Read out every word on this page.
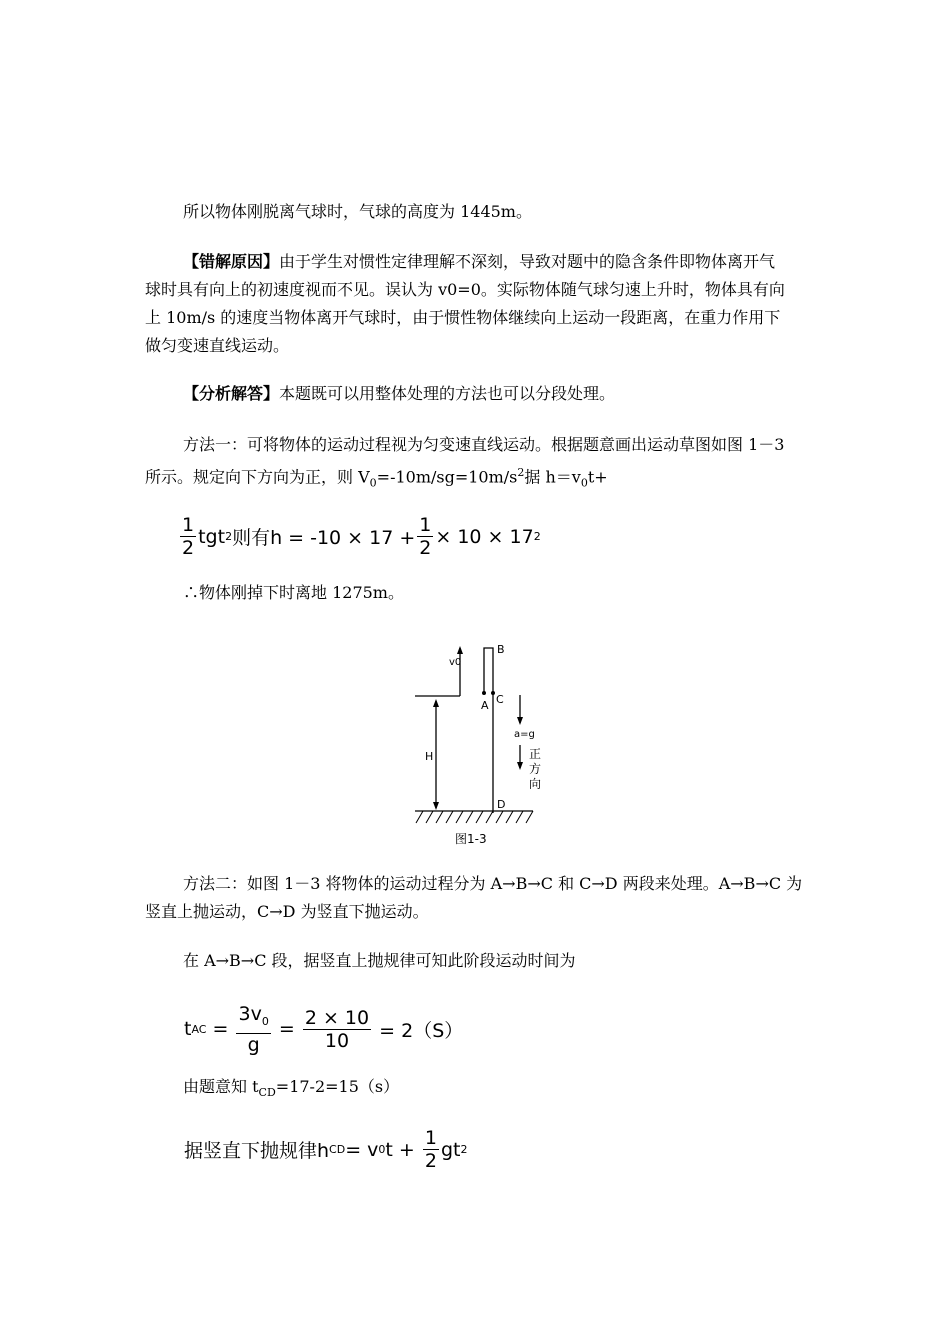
所以物体刚脱离气球时，气球的高度为 1445m。
【错解原因】由于学生对惯性定律理解不深刻，导致对题中的隐含条件即物体离开气
球时具有向上的初速度视而不见。误认为 v0=0。实际物体随气球匀速上升时，物体具有向
上 10m/s 的速度当物体离开气球时，由于惯性物体继续向上运动一段距离，在重力作用下
做匀变速直线运动。
【分析解答】本题既可以用整体处理的方法也可以分段处理。
方法一：可将物体的运动过程视为匀变速直线运动。根据题意画出运动草图如图 1－3
所示。规定向下方向为正，则 $V_0=-10m/sg=10m/s^2$据 $h=v_0t+$
$\frac{1}{2} tgt2$则有$h = -10 \times 17 + \frac{1}{2} \times 10 \times 172$
∴物体刚掉下时离地 1275m。
v0
B
A C
D
H
a=g
正
方
向
图1-3
方法二：如图 1－3 将物体的运动过程分为 A→B→C 和 C→D 两段来处理。A→B→C 为
竖直上抛运动，C→D 为竖直下抛运动。
在 A→B→C 段，据竖直上抛规律可知此阶段运动时间为
tAC = $\frac{3v_0}{g} = \frac{2 \times 10}{10} = 2(S)$
由题意知 $t_{CD}=17-2=15(s)$
据竖直下抛规律$hCD= v0t + \frac{1}{2} gt2$
